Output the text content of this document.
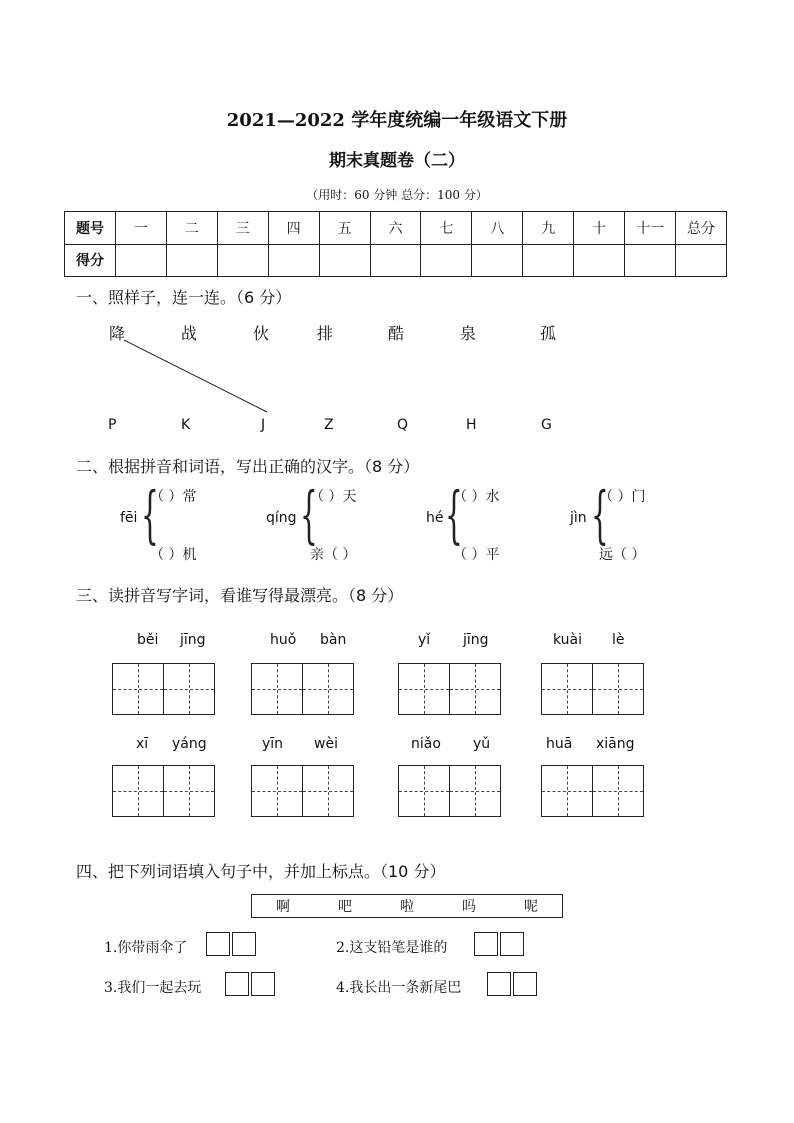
2021—2022 学年度统编一年级语文下册
期末真题卷（二）
（用时：60 分钟 总分：100 分）
题号	一	二	三	四	五	六	七	八	九	十	十一	总分
得分												
一、照样子，连一连。（6 分）
降	战	伙	排	酷	泉	孤
P	K	J	Z	Q	H	G
二、根据拼音和词语，写出正确的汉字。（8 分）
fēi {
（ ）常
（ ）机
qíng {
（ ）天
亲（ ）
hé {
（ ）水
（ ）平
jìn {
（ ）门
远（ ）
三、读拼音写字词，看谁写得最漂亮。（8 分）
běi jīng	huǒ bàn	yǐ jīng	kuài lè
xī yáng	yīn wèi	niǎo yǔ	huā xiāng
四、把下列词语填入句子中，并加上标点。（10 分）
啊	吧	啦	吗	呢
1.你带雨伞了	2.这支铅笔是谁的
3.我们一起去玩	4.我长出一条新尾巴
